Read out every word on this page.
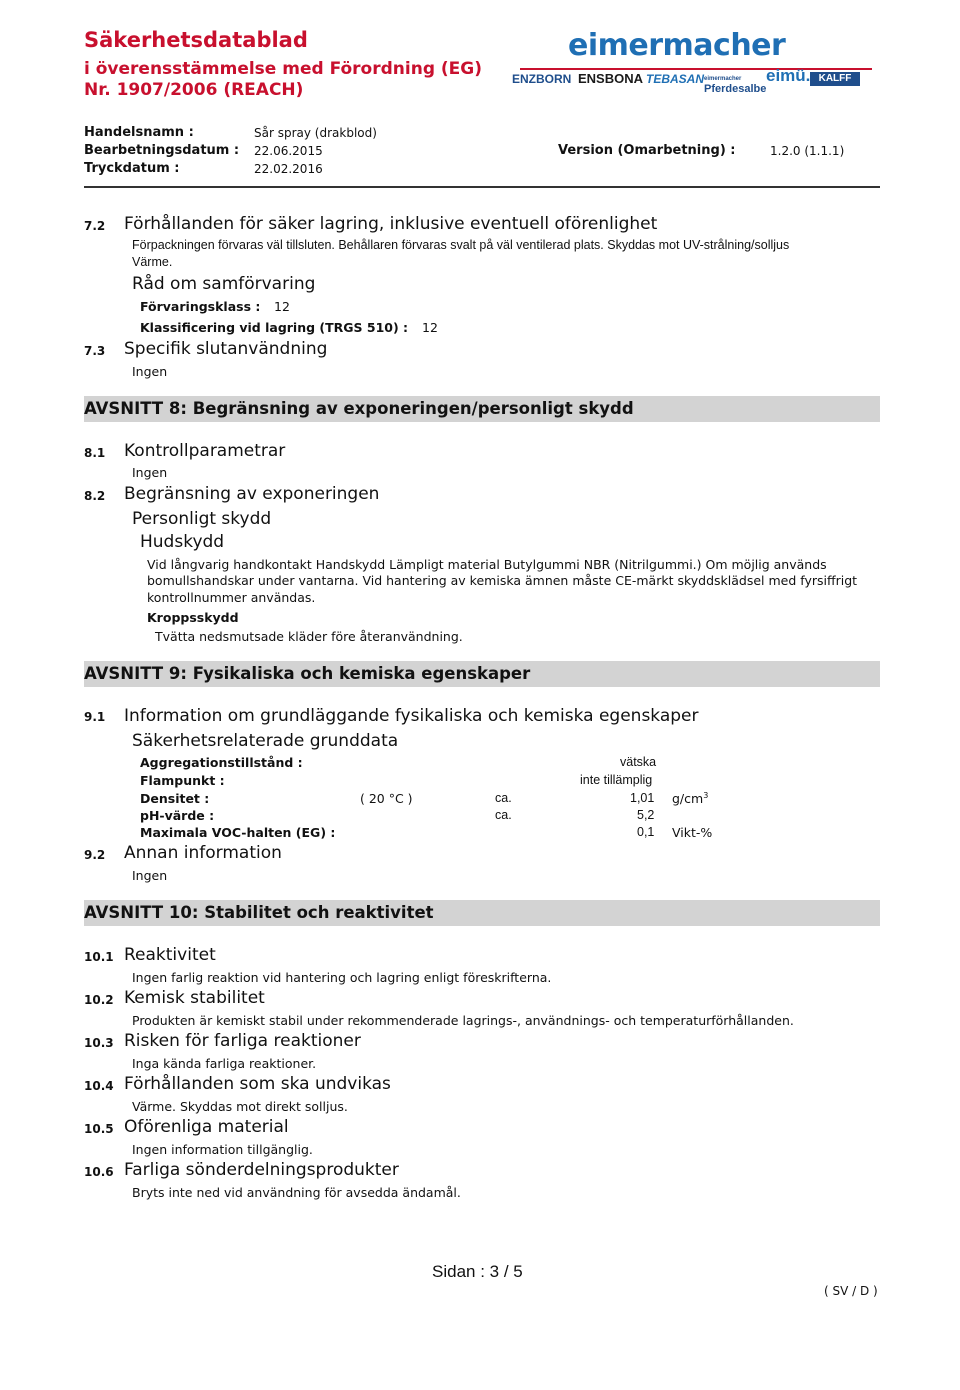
Säkerhetsdatablad
i överensstämmelse med Förordning (EG)
Nr. 1907/2006 (REACH)
eimermacher
ENZBORN ENSBONA TEBASAN eimermacher
Pferdesalbe
eimü. KALFF
Handelsnamn :	Sår spray (drakblod)
Bearbetningsdatum : 22.06.2015	Version (Omarbetning) :	1.2.0 (1.1.1)
Tryckdatum :	22.02.2016
7.2 Förhållanden för säker lagring, inklusive eventuell oförenlighet
Förpackningen förvaras väl tillsluten. Behållaren förvaras svalt på väl ventilerad plats. Skyddas mot UV-strålning/solljus
Värme.
Råd om samförvaring
Förvaringsklass : 12
Klassificering vid lagring (TRGS 510) : 12
7.3 Specifik slutanvändning
Ingen
AVSNITT 8: Begränsning av exponeringen/personligt skydd
8.1 Kontrollparametrar
Ingen
8.2 Begränsning av exponeringen
Personligt skydd
Hudskydd
Vid långvarig handkontakt Handskydd Lämpligt material Butylgummi NBR (Nitrilgummi.) Om möjlig används
bomullshandskar under vantarna. Vid hantering av kemiska ämnen måste CE-märkt skyddsklädsel med fyrsiffrigt
kontrollnummer användas.
Kroppsskydd
Tvätta nedsmutsade kläder före återanvändning.
AVSNITT 9: Fysikaliska och kemiska egenskaper
9.1 Information om grundläggande fysikaliska och kemiska egenskaper
Säkerhetsrelaterade grunddata
Aggregationstillstånd :	vätska
Flampunkt :	inte tillämplig
Densitet :	( 20 °C )	ca.	1,01 $g/cm^3$
pH-värde :	ca.	5,2
Maximala VOC-halten (EG) :	0,1 Vikt-%
9.2 Annan information
Ingen
AVSNITT 10: Stabilitet och reaktivitet
10.1 Reaktivitet
Ingen farlig reaktion vid hantering och lagring enligt föreskrifterna.
10.2 Kemisk stabilitet
Produkten är kemiskt stabil under rekommenderade lagrings-, användnings- och temperaturförhållanden.
10.3 Risken för farliga reaktioner
Inga kända farliga reaktioner.
10.4 Förhållanden som ska undvikas
Värme. Skyddas mot direkt solljus.
10.5 Oförenliga material
Ingen information tillgänglig.
10.6 Farliga sönderdelningsprodukter
Bryts inte ned vid användning för avsedda ändamål.
Sidan : 3 / 5
( SV / D )
